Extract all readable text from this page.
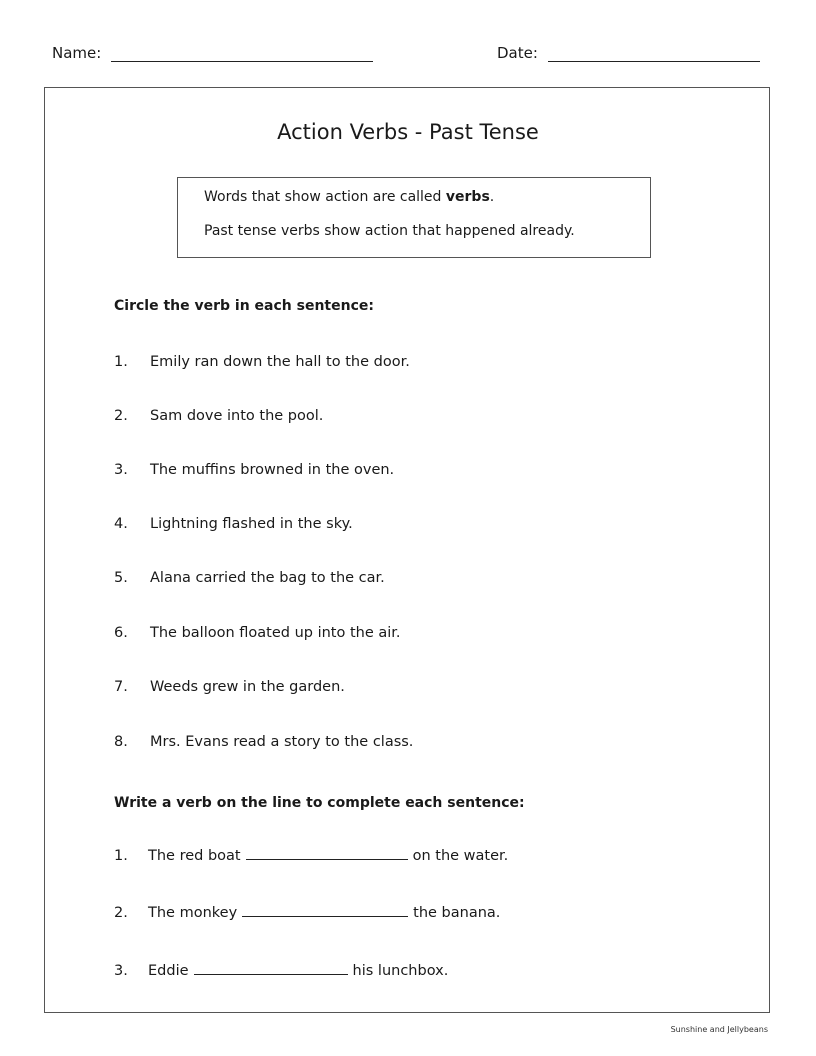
Name:	Date:
Action Verbs - Past Tense

Words that show action are called verbs.

Past tense verbs show action that happened already.

Circle the verb in each sentence:
1. Emily ran down the hall to the door.
2. Sam dove into the pool.
3. The muffins browned in the oven.
4. Lightning flashed in the sky.
5. Alana carried the bag to the car.
6. The balloon floated up into the air.
7. Weeds grew in the garden.
8. Mrs. Evans read a story to the class.
Write a verb on the line to complete each sentence:
1. The red boat	on the water.
2. The monkey	the banana.
3. Eddie	his lunchbox.
Sunshine and Jellybeans
